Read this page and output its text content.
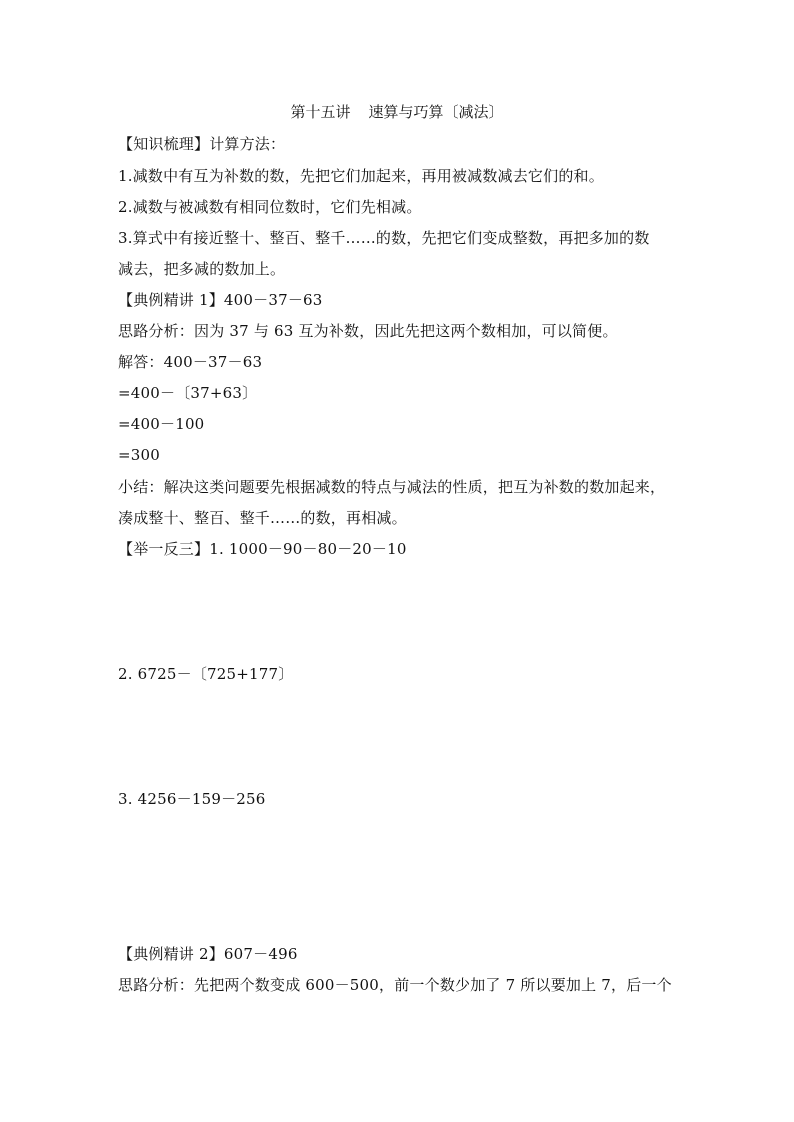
第十五讲 速算与巧算〔减法〕
【知识梳理】计算方法：
1.减数中有互为补数的数，先把它们加起来，再用被减数减去它们的和。
2.减数与被减数有相同位数时，它们先相减。
3.算式中有接近整十、整百、整千……的数，先把它们变成整数，再把多加的数
减去，把多减的数加上。
【典例精讲 1】400－37－63
思路分析：因为 37 与 63 互为补数，因此先把这两个数相加，可以简便。
解答：400－37－63
=400－〔37+63〕
=400－100
=300
小结：解决这类问题要先根据减数的特点与减法的性质，把互为补数的数加起来，
凑成整十、整百、整千……的数，再相减。
【举一反三】1. 1000－90－80－20－10
2. 6725－〔725+177〕
3. 4256－159－256
【典例精讲 2】607－496
思路分析：先把两个数变成 600－500，前一个数少加了 7 所以要加上 7，后一个
